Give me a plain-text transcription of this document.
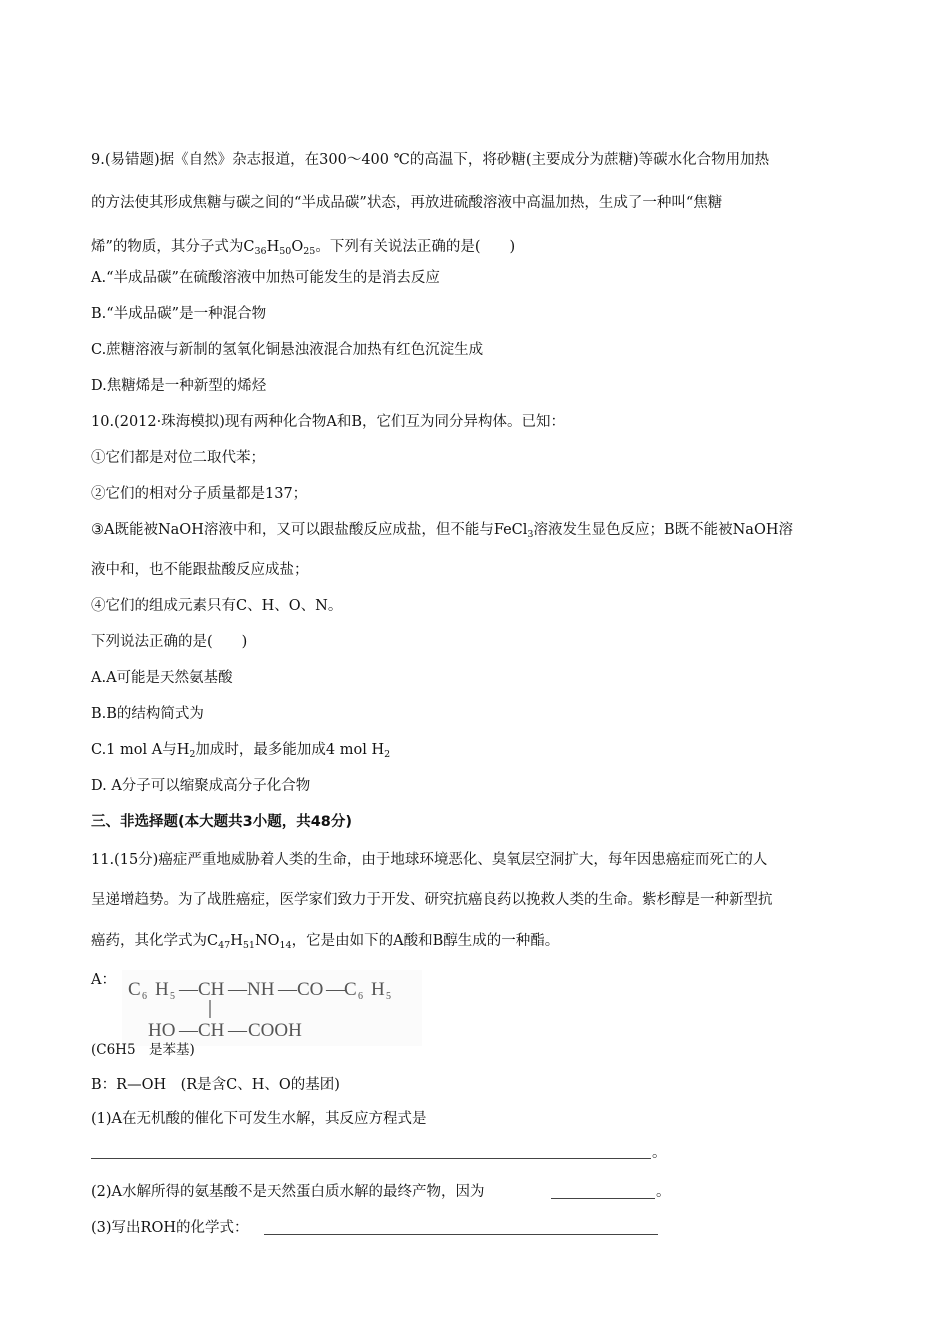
9.(易错题)据《自然》杂志报道，在300～400 ℃的高温下，将砂糖(主要成分为蔗糖)等碳水化合物用加热
的方法使其形成焦糖与碳之间的“半成品碳”状态，再放进硫酸溶液中高温加热，生成了一种叫“焦糖
烯”的物质，其分子式为$C_{36}H_{50}O_{25}$。下列有关说法正确的是(　　)
A.“半成品碳”在硫酸溶液中加热可能发生的是消去反应
B.“半成品碳”是一种混合物
C.蔗糖溶液与新制的氢氧化铜悬浊液混合加热有红色沉淀生成
D.焦糖烯是一种新型的烯烃
10.(2012·珠海模拟)现有两种化合物A和B，它们互为同分异构体。已知：
①它们都是对位二取代苯；
②它们的相对分子质量都是137；
③A既能被NaOH溶液中和，又可以跟盐酸反应成盐，但不能与FeCl$_3$溶液发生显色反应；B既不能被NaOH溶
液中和，也不能跟盐酸反应成盐；
④它们的组成元素只有C、H、O、N。
下列说法正确的是(　　)
A.A可能是天然氨基酸
B.B的结构简式为
C.1 mol A与$H_2$加成时，最多能加成4 mol $H_2$
D. A分子可以缩聚成高分子化合物
三、非选择题(本大题共3小题，共48分)
11.(15分)癌症严重地威胁着人类的生命，由于地球环境恶化、臭氧层空洞扩大，每年因患癌症而死亡的人
呈递增趋势。为了战胜癌症，医学家们致力于开发、研究抗癌良药以挽救人类的生命。紫杉醇是一种新型抗
癌药，其化学式为$C_{47}H_{51}NO_{14}$，它是由如下的A酸和B醇生成的一种酯。
A： C 6 H 5 — CH — NH — CO — C 6 H 5
HO — CH — COOH
(C6H5　是苯基)
B：R—OH　(R是含C、H、O的基团)
(1)A在无机酸的催化下可发生水解，其反应方程式是
。
(2)A水解所得的氨基酸不是天然蛋白质水解的最终产物，因为	。
(3)写出ROH的化学式：
